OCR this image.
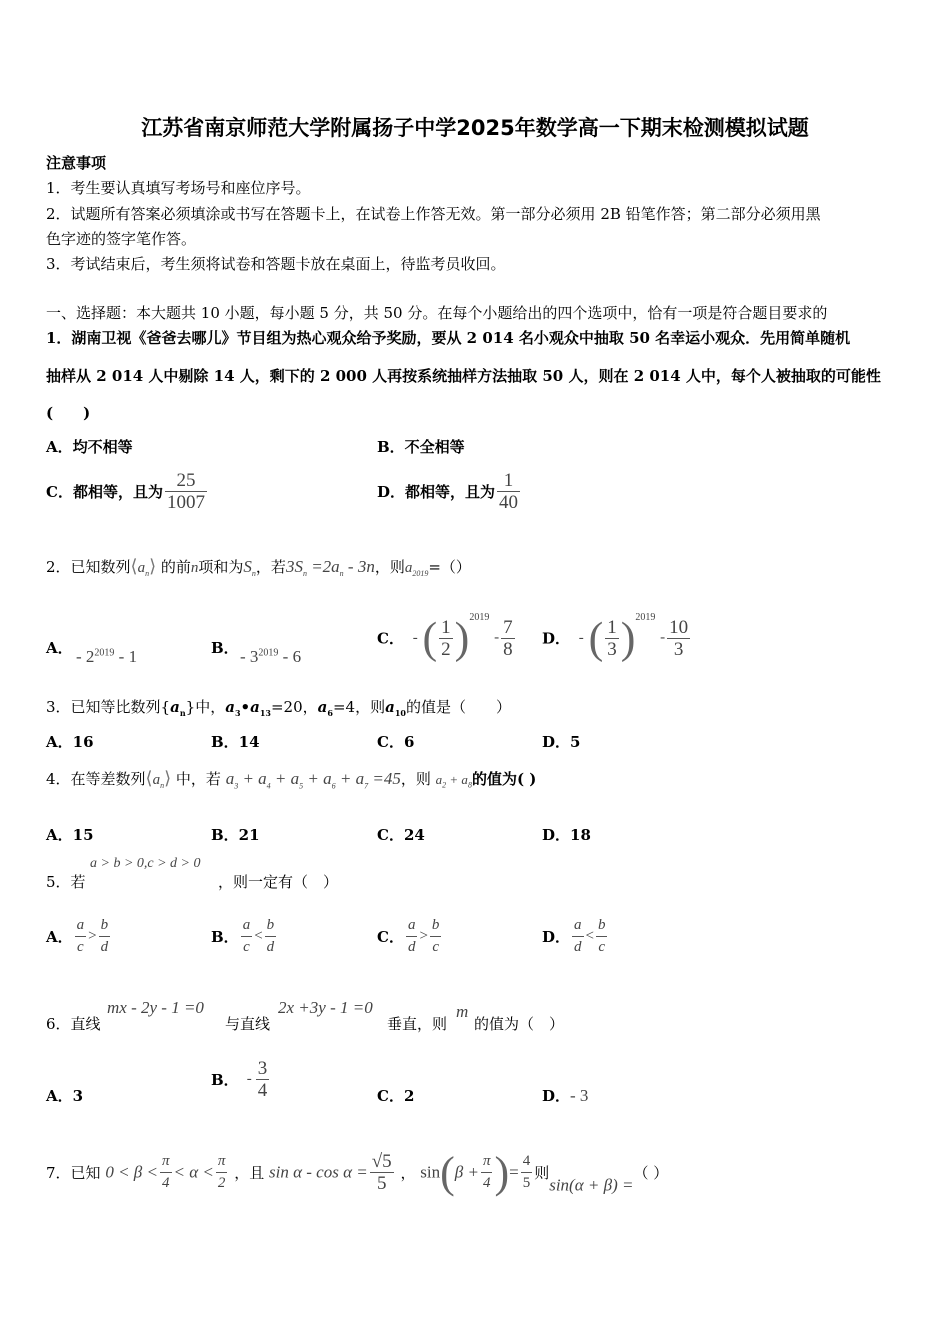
江苏省南京师范大学附属扬子中学2025年数学高一下期末检测模拟试题
注意事项
1．考生要认真填写考场号和座位序号。
2．试题所有答案必须填涂或书写在答题卡上，在试卷上作答无效。第一部分必须用 2B 铅笔作答；第二部分必须用黑
色字迹的签字笔作答。
3．考试结束后，考生须将试卷和答题卡放在桌面上，待监考员收回。
一、选择题：本大题共 10 小题，每小题 5 分，共 50 分。在每个小题给出的四个选项中，恰有一项是符合题目要求的
1．湖南卫视《爸爸去哪儿》节目组为热心观众给予奖励，要从 2 014 名小观众中抽取 50 名幸运小观众．先用简单随机
抽样从 2 014 人中剔除 14 人，剩下的 2 000 人再按系统抽样方法抽取 50 人，则在 2 014 人中，每个人被抽取的可能性
(　　)
A．均不相等	B．不全相等
C．都相等，且为 $\frac{25}{1007}$	D．都相等，且为 $\frac{1}{40}$
2．已知数列$⟨a_n⟩$ 的前n项和为$S_n$，若$3S_n =2a_n - 3n$，则$a_{2019}=()$
A． - $2^{2019} - 1$	B． - $3^{2019} - 6$
C． - ( $\frac{1}{2} )^{2019} - \frac{7}{8}$ D． - ( $\frac{1}{3} )^{2019} - \frac{10}{3}$
3．已知等比数列$\{a_n\}$中，$a_3•a_{13}=20$，$a_6=4$，则$a_{10}$的值是（　　）
A．16	B．14	C．6	D．5
4．在等差数列$⟨a_n⟩$ 中，若 $a_3 + a_4 + a_5 + a_6 + a_7 =45$，则 $a_2 + a_8$的值为( )
A．15	B．21	C．24	D．18
5．若
a > b > 0,c > d > 0
，则一定有（　）
A． $\frac{a}{c} > \frac{b}{d}$	B． $\frac{a}{c} < \frac{b}{d}$	C． $\frac{a}{d} > \frac{b}{c}$	D． $\frac{a}{d} < \frac{b}{c}$
6．直线
mx - 2y - 1 =0
与直线
2x +3y - 1 =0
垂直，则
m
的值为（　）
A．3
B． - $\frac{3}{4}$	C．2	D．- 3
7．已知 $0 < \beta < \frac{\pi}{4} < \alpha < \frac{\pi}{2}$ ，且 $\sin \alpha - \cos \alpha = \frac{√5}{5}$ ， $\sin(\beta + \frac{\pi}{4}$ )= $\frac{4}{5}$ 则sin(α + β) =（ ）
